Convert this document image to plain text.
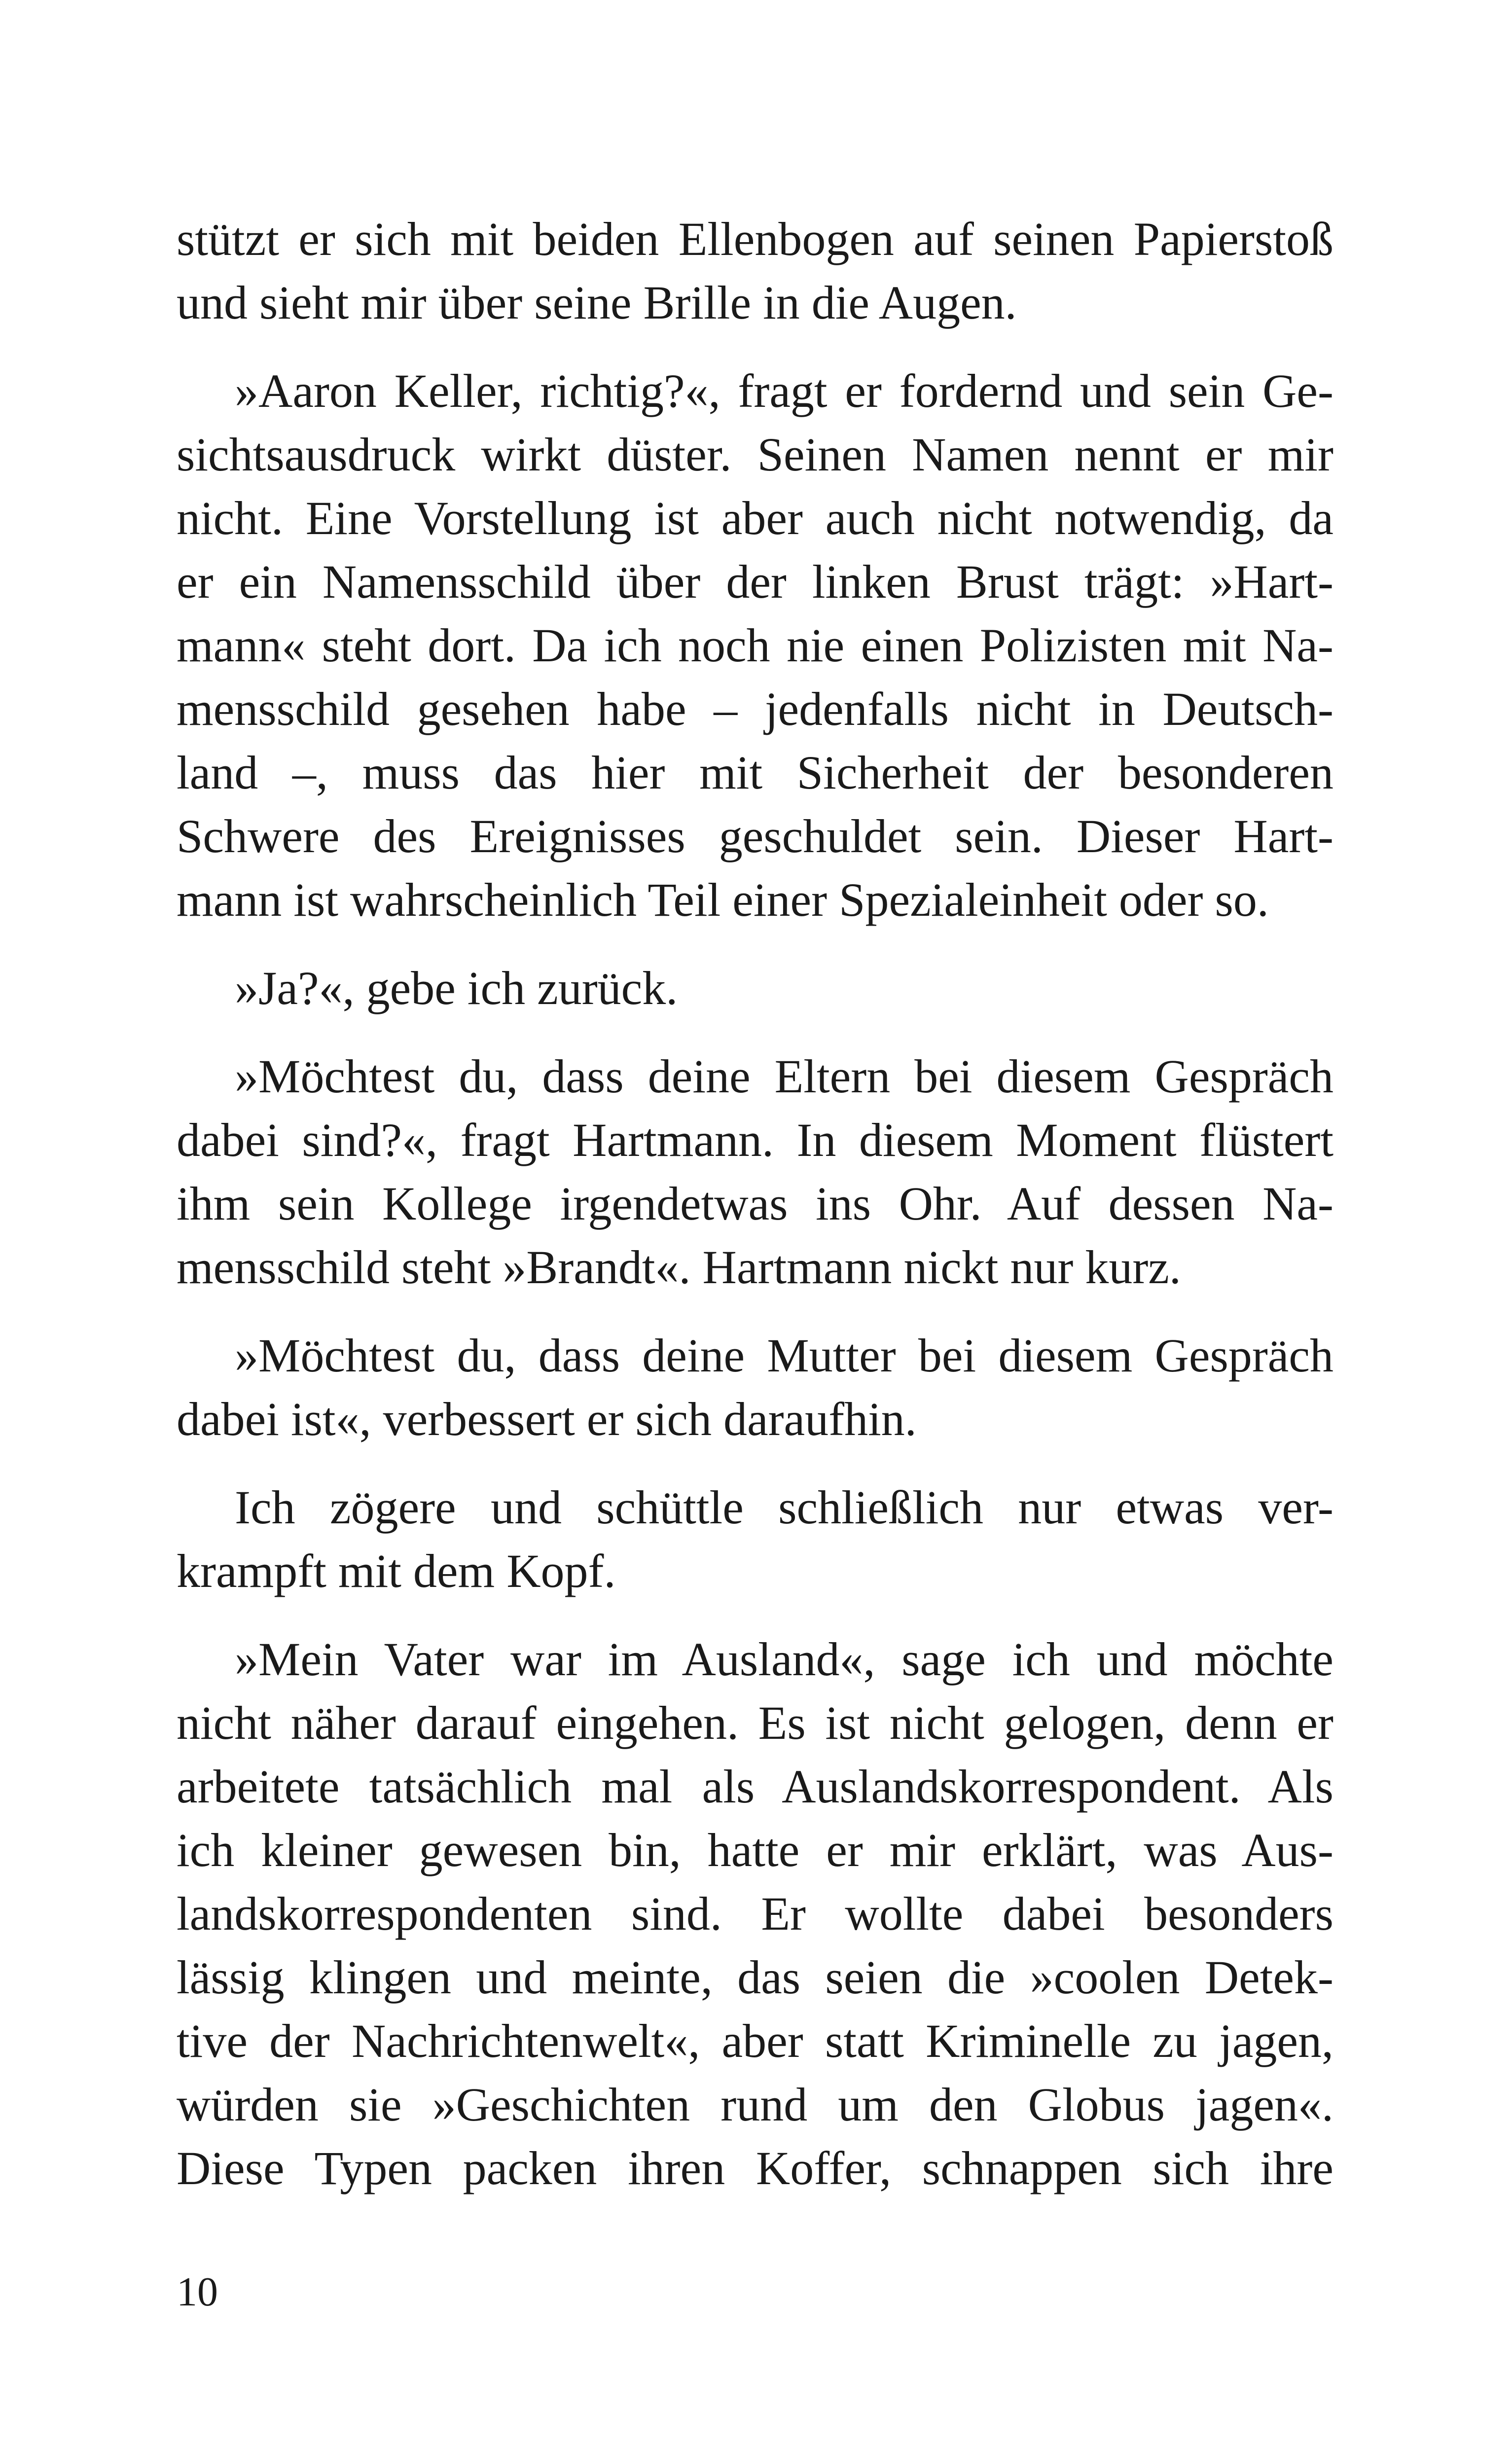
stützt er sich mit beiden Ellenbogen auf seinen Papierstoß
und sieht mir über seine Brille in die Augen.
»Aaron Keller, richtig?«, fragt er fordernd und sein Ge-
sichtsausdruck wirkt düster. Seinen Namen nennt er mir
nicht. Eine Vorstellung ist aber auch nicht notwendig, da
er ein Namensschild über der linken Brust trägt: »Hart-
mann« steht dort. Da ich noch nie einen Polizisten mit Na-
mensschild gesehen habe – jedenfalls nicht in Deutsch-
land –, muss das hier mit Sicherheit der besonderen
Schwere des Ereignisses geschuldet sein. Dieser Hart-
mann ist wahrscheinlich Teil einer Spezialeinheit oder so.
»Ja?«, gebe ich zurück.
»Möchtest du, dass deine Eltern bei diesem Gespräch
dabei sind?«, fragt Hartmann. In diesem Moment flüstert
ihm sein Kollege irgendetwas ins Ohr. Auf dessen Na-
mensschild steht »Brandt«. Hartmann nickt nur kurz.
»Möchtest du, dass deine Mutter bei diesem Gespräch
dabei ist«, verbessert er sich daraufhin.
Ich zögere und schüttle schließlich nur etwas ver-
krampft mit dem Kopf.
»Mein Vater war im Ausland«, sage ich und möchte
nicht näher darauf eingehen. Es ist nicht gelogen, denn er
arbeitete tatsächlich mal als Auslandskorrespondent. Als
ich kleiner gewesen bin, hatte er mir erklärt, was Aus-
landskorrespondenten sind. Er wollte dabei besonders
lässig klingen und meinte, das seien die »coolen Detek-
tive der Nachrichtenwelt«, aber statt Kriminelle zu jagen,
würden sie »Geschichten rund um den Globus jagen«.
Diese Typen packen ihren Koffer, schnappen sich ihre
10
